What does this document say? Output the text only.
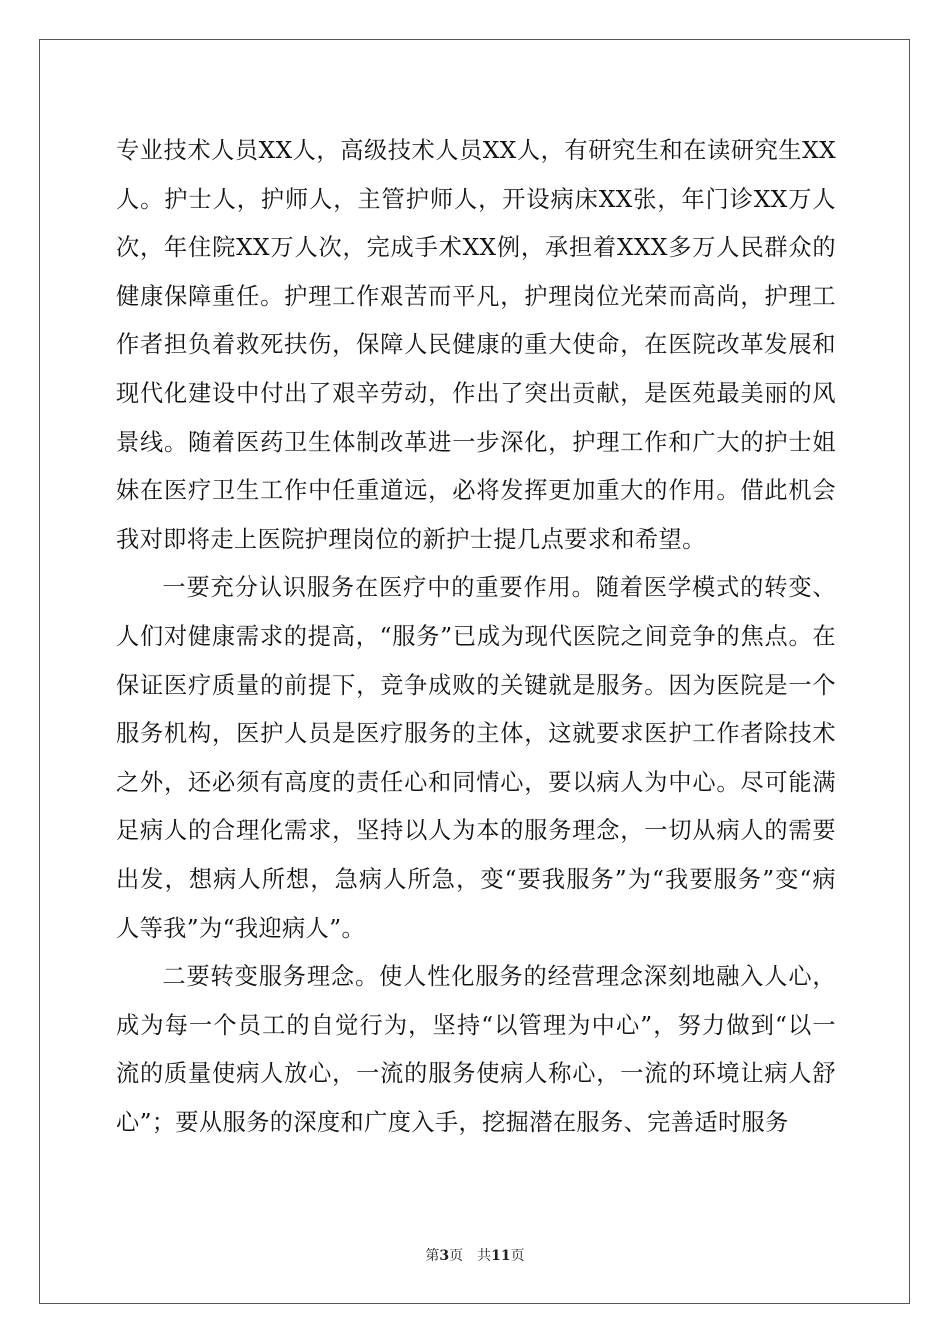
专业技术人员XX人，高级技术人员XX人，有研究生和在读研究生XX人。护士人，护师人，主管护师人，开设病床XX张，年门诊XX万人次，年住院XX万人次，完成手术XX例，承担着XXX多万人民群众的健康保障重任。护理工作艰苦而平凡，护理岗位光荣而高尚，护理工作者担负着救死扶伤，保障人民健康的重大使命，在医院改革发展和现代化建设中付出了艰辛劳动，作出了突出贡献，是医苑最美丽的风景线。随着医药卫生体制改革进一步深化，护理工作和广大的护士姐妹在医疗卫生工作中任重道远，必将发挥更加重大的作用。借此机会我对即将走上医院护理岗位的新护士提几点要求和希望。

一要充分认识服务在医疗中的重要作用。随着医学模式的转变、人们对健康需求的提高，“服务”已成为现代医院之间竞争的焦点。在保证医疗质量的前提下，竞争成败的关键就是服务。因为医院是一个服务机构，医护人员是医疗服务的主体，这就要求医护工作者除技术之外，还必须有高度的责任心和同情心，要以病人为中心。尽可能满足病人的合理化需求，坚持以人为本的服务理念，一切从病人的需要出发，想病人所想，急病人所急，变“要我服务”为“我要服务”变“病人等我”为“我迎病人”。

二要转变服务理念。使人性化服务的经营理念深刻地融入人心，成为每一个员工的自觉行为，坚持“以管理为中心”，努力做到“以一流的质量使病人放心，一流的服务使病人称心，一流的环境让病人舒心”；要从服务的深度和广度入手，挖掘潜在服务、完善适时服务

第3页 共11页
